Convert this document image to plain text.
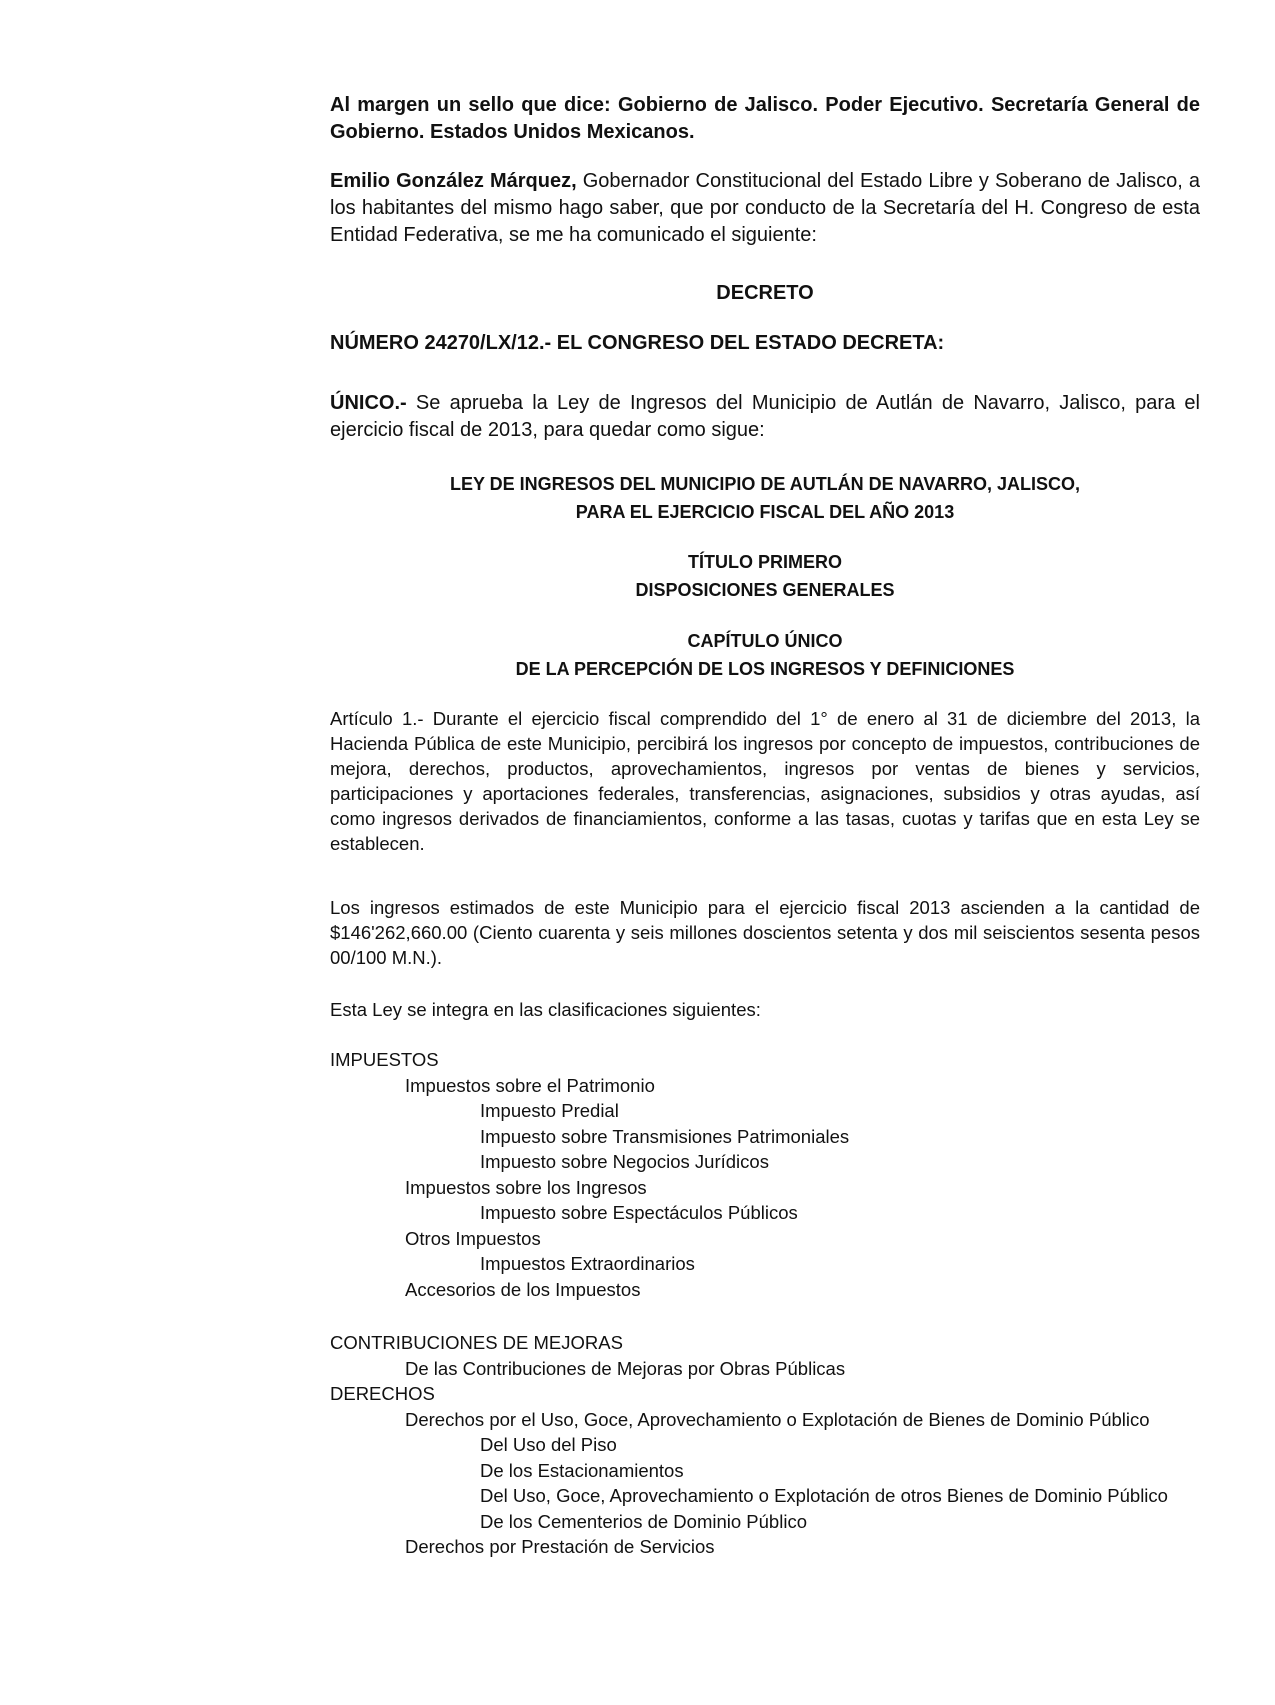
Al margen un sello que dice: Gobierno de Jalisco. Poder Ejecutivo. Secretaría General de Gobierno. Estados Unidos Mexicanos.

Emilio González Márquez, Gobernador Constitucional del Estado Libre y Soberano de Jalisco, a los habitantes del mismo hago saber, que por conducto de la Secretaría del H. Congreso de esta Entidad Federativa, se me ha comunicado el siguiente:

DECRETO

NÚMERO 24270/LX/12.- EL CONGRESO DEL ESTADO DECRETA:

ÚNICO.- Se aprueba la Ley de Ingresos del Municipio de Autlán de Navarro, Jalisco, para el ejercicio fiscal de 2013, para quedar como sigue:

LEY DE INGRESOS DEL MUNICIPIO DE AUTLÁN DE NAVARRO, JALISCO,
PARA EL EJERCICIO FISCAL DEL AÑO 2013
TÍTULO PRIMERO
DISPOSICIONES GENERALES
CAPÍTULO ÚNICO
DE LA PERCEPCIÓN DE LOS INGRESOS Y DEFINICIONES

Artículo 1.- Durante el ejercicio fiscal comprendido del 1° de enero al 31 de diciembre del 2013, la Hacienda Pública de este Municipio, percibirá los ingresos por concepto de impuestos, contribuciones de mejora, derechos, productos, aprovechamientos, ingresos por ventas de bienes y servicios, participaciones y aportaciones federales, transferencias, asignaciones, subsidios y otras ayudas, así como ingresos derivados de financiamientos, conforme a las tasas, cuotas y tarifas que en esta Ley se establecen.

Los ingresos estimados de este Municipio para el ejercicio fiscal 2013 ascienden a la cantidad de $146'262,660.00 (Ciento cuarenta y seis millones doscientos setenta y dos mil seiscientos sesenta pesos 00/100 M.N.).

Esta Ley se integra en las clasificaciones siguientes:

IMPUESTOS
Impuestos sobre el Patrimonio
Impuesto Predial
Impuesto sobre Transmisiones Patrimoniales
Impuesto sobre Negocios Jurídicos
Impuestos sobre los Ingresos
Impuesto sobre Espectáculos Públicos
Otros Impuestos
Impuestos Extraordinarios
Accesorios de los Impuestos
CONTRIBUCIONES DE MEJORAS
De las Contribuciones de Mejoras por Obras Públicas
DERECHOS
Derechos por el Uso, Goce, Aprovechamiento o Explotación de Bienes de Dominio Público
Del Uso del Piso
De los Estacionamientos
Del Uso, Goce, Aprovechamiento o Explotación de otros Bienes de Dominio Público
De los Cementerios de Dominio Público
Derechos por Prestación de Servicios
